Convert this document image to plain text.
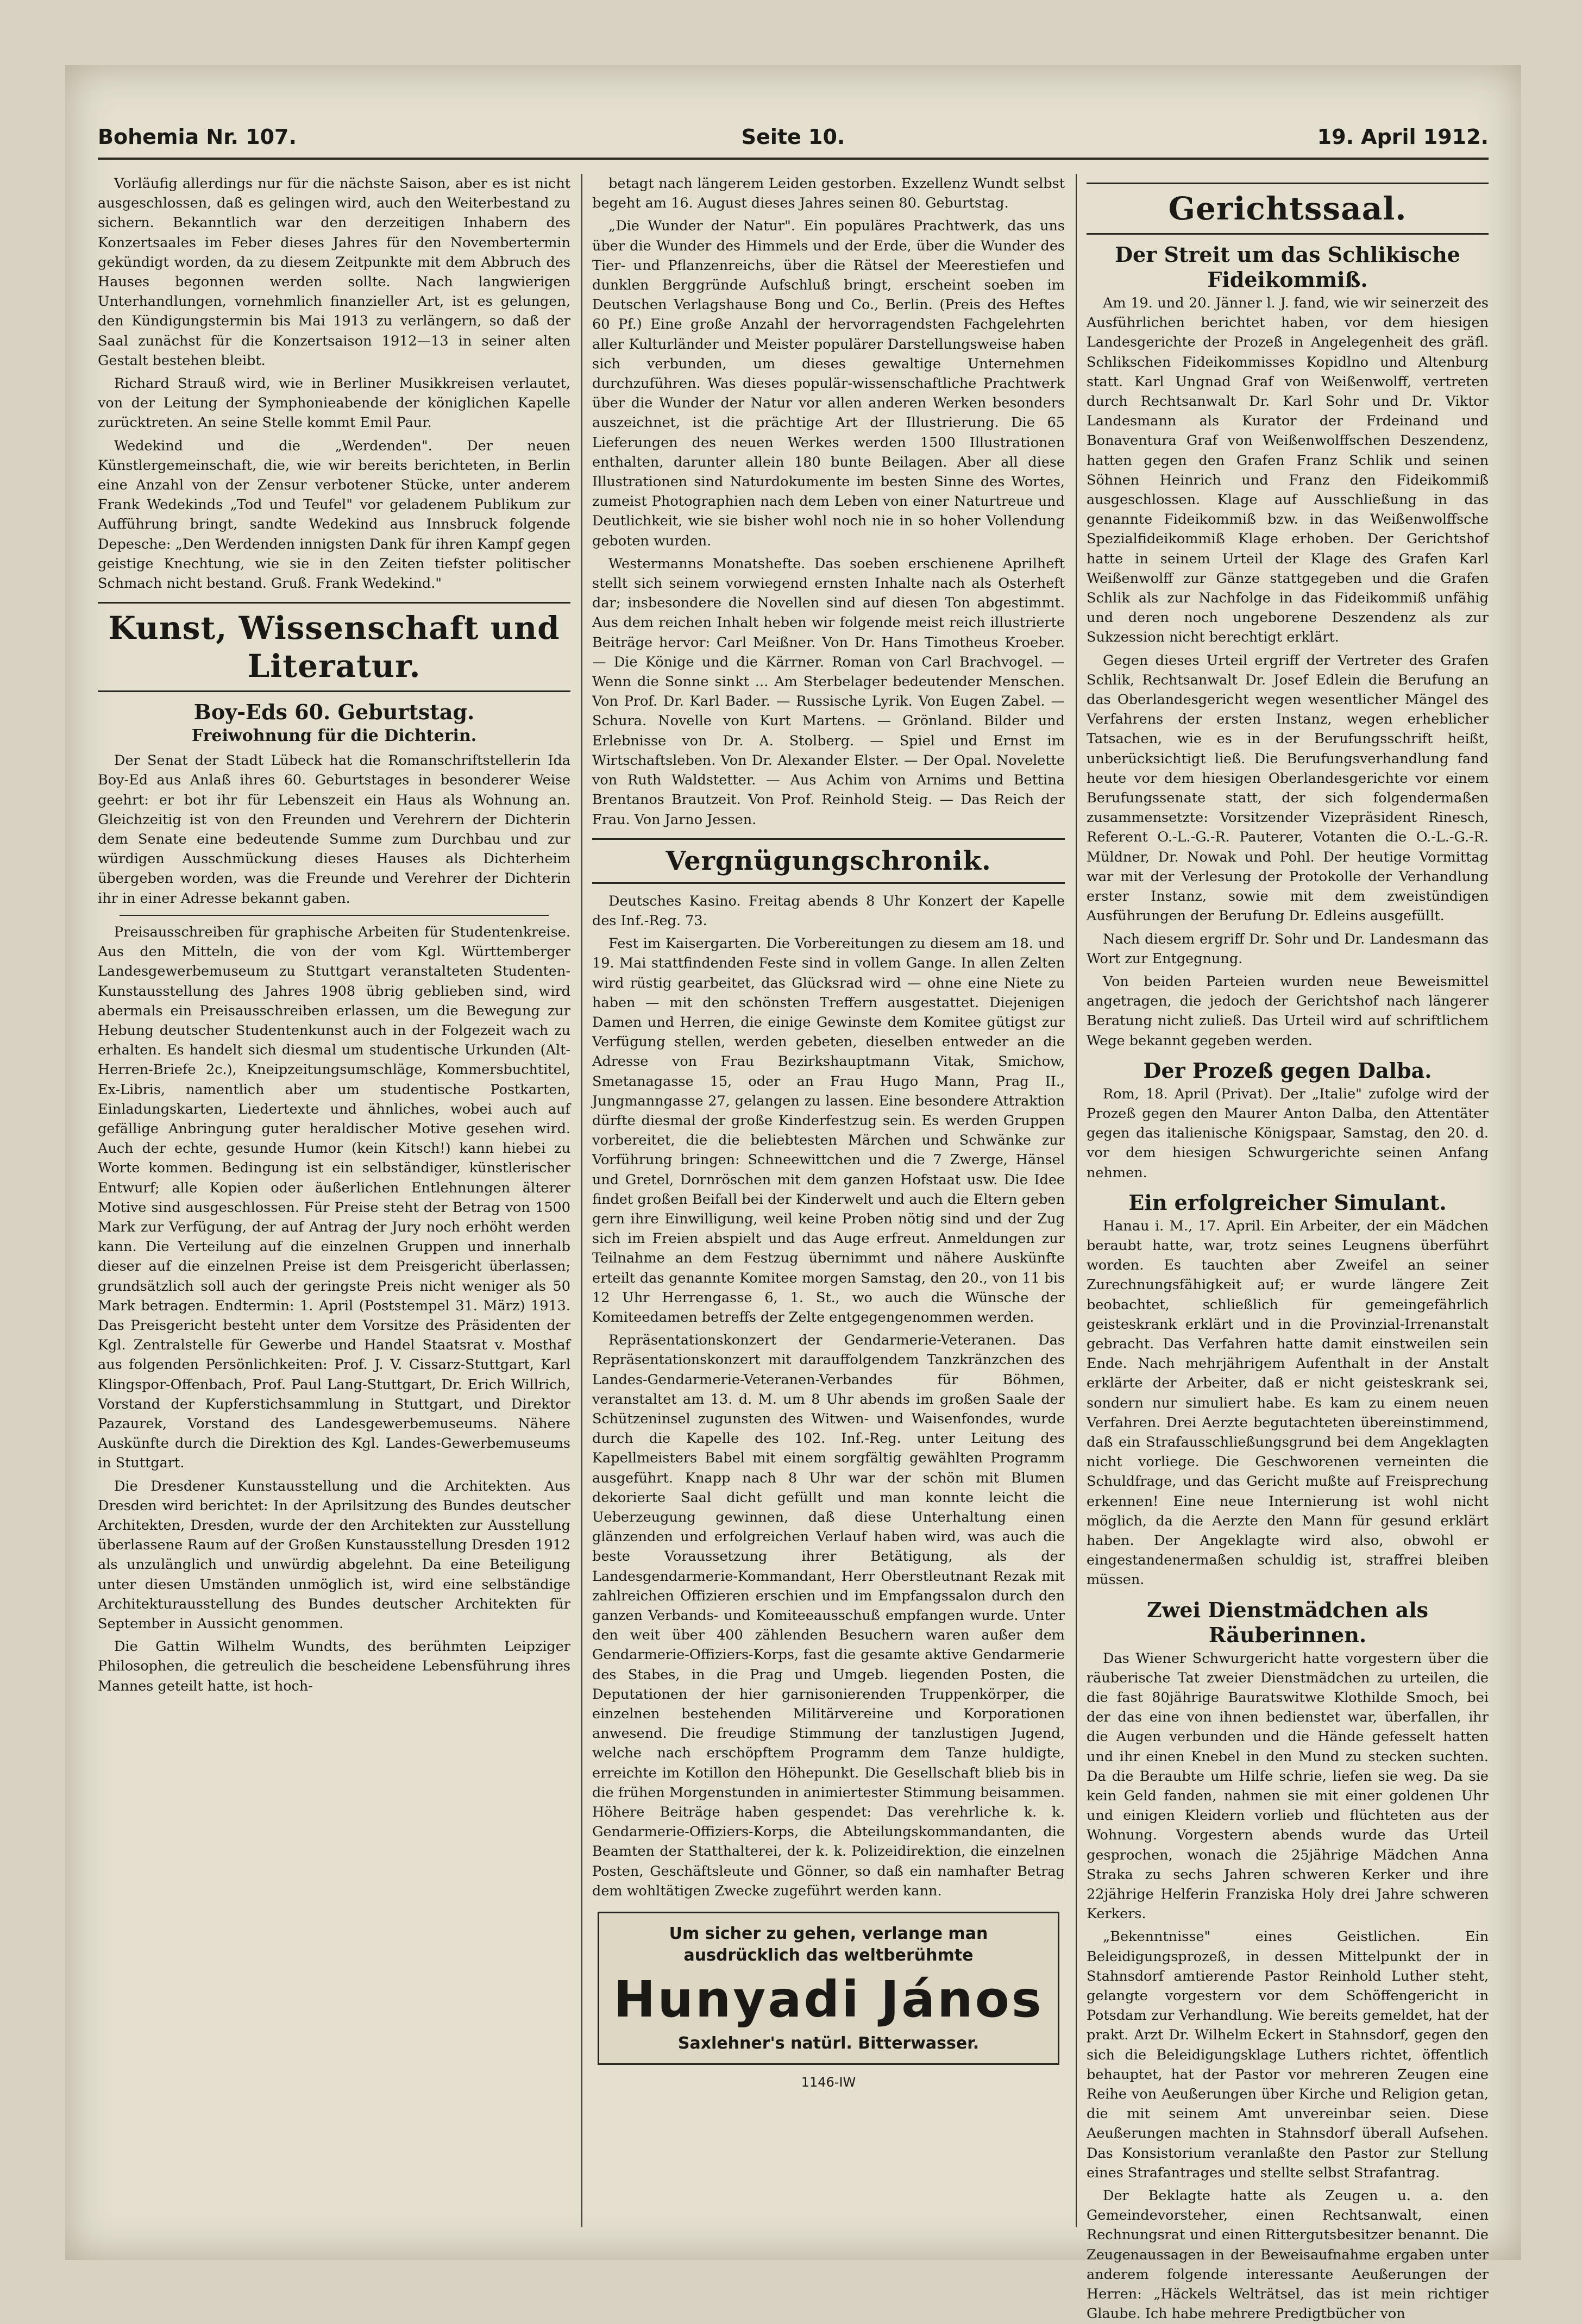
Bohemia Nr. 107.	Seite 10.	19. April 1912.

Vorläufig allerdings nur für die nächste Saison, aber es ist nicht ausgeschlossen, daß es gelingen wird, auch den Weiterbestand zu sichern. Bekanntlich war den derzeitigen Inhabern des Konzertsaales im Feber dieses Jahres für den Novembertermin gekündigt worden, da zu diesem Zeitpunkte mit dem Abbruch des Hauses begonnen werden sollte. Nach langwierigen Unterhandlungen, vornehmlich finanzieller Art, ist es gelungen, den Kündigungstermin bis Mai 1913 zu verlängern, so daß der Saal zunächst für die Konzertsaison 1912—13 in seiner alten Gestalt bestehen bleibt.

Richard Strauß wird, wie in Berliner Musikkreisen verlautet, von der Leitung der Symphonieabende der königlichen Kapelle zurücktreten. An seine Stelle kommt Emil Paur.

Wedekind und die „Werdenden". Der neuen Künstlergemeinschaft, die, wie wir bereits berichteten, in Berlin eine Anzahl von der Zensur verbotener Stücke, unter anderem Frank Wedekinds „Tod und Teufel" vor geladenem Publikum zur Aufführung bringt, sandte Wedekind aus Innsbruck folgende Depesche: „Den Werdenden innigsten Dank für ihren Kampf gegen geistige Knechtung, wie sie in den Zeiten tiefster politischer Schmach nicht bestand. Gruß. Frank Wedekind."

Kunst, Wissenschaft und Literatur.
Boy-Eds 60. Geburtstag.
Freiwohnung für die Dichterin.

Der Senat der Stadt Lübeck hat die Romanschriftstellerin Ida Boy-Ed aus Anlaß ihres 60. Geburtstages in besonderer Weise geehrt: er bot ihr für Lebenszeit ein Haus als Wohnung an. Gleichzeitig ist von den Freunden und Verehrern der Dichterin dem Senate eine bedeutende Summe zum Durchbau und zur würdigen Ausschmückung dieses Hauses als Dichterheim übergeben worden, was die Freunde und Verehrer der Dichterin ihr in einer Adresse bekannt gaben.

Preisausschreiben für graphische Arbeiten für Studentenkreise. Aus den Mitteln, die von der vom Kgl. Württemberger Landesgewerbemuseum zu Stuttgart veranstalteten Studenten-Kunstausstellung des Jahres 1908 übrig geblieben sind, wird abermals ein Preisausschreiben erlassen, um die Bewegung zur Hebung deutscher Studentenkunst auch in der Folgezeit wach zu erhalten. Es handelt sich diesmal um studentische Urkunden (Alt-Herren-Briefe 2c.), Kneipzeitungsumschläge, Kommersbuchtitel, Ex-Libris, namentlich aber um studentische Postkarten, Einladungskarten, Liedertexte und ähnliches, wobei auch auf gefällige Anbringung guter heraldischer Motive gesehen wird. Auch der echte, gesunde Humor (kein Kitsch!) kann hiebei zu Worte kommen. Bedingung ist ein selbständiger, künstlerischer Entwurf; alle Kopien oder äußerlichen Entlehnungen älterer Motive sind ausgeschlossen. Für Preise steht der Betrag von 1500 Mark zur Verfügung, der auf Antrag der Jury noch erhöht werden kann. Die Verteilung auf die einzelnen Gruppen und innerhalb dieser auf die einzelnen Preise ist dem Preisgericht überlassen; grundsätzlich soll auch der geringste Preis nicht weniger als 50 Mark betragen. Endtermin: 1. April (Poststempel 31. März) 1913. Das Preisgericht besteht unter dem Vorsitze des Präsidenten der Kgl. Zentralstelle für Gewerbe und Handel Staatsrat v. Mosthaf aus folgenden Persönlichkeiten: Prof. J. V. Cissarz-Stuttgart, Karl Klingspor-Offenbach, Prof. Paul Lang-Stuttgart, Dr. Erich Willrich, Vorstand der Kupferstichsammlung in Stuttgart, und Direktor Pazaurek, Vorstand des Landesgewerbemuseums. Nähere Auskünfte durch die Direktion des Kgl. Landes-Gewerbemuseums in Stuttgart.

Die Dresdener Kunstausstellung und die Architekten. Aus Dresden wird berichtet: In der Aprilsitzung des Bundes deutscher Architekten, Dresden, wurde der den Architekten zur Ausstellung überlassene Raum auf der Großen Kunstausstellung Dresden 1912 als unzulänglich und unwürdig abgelehnt. Da eine Beteiligung unter diesen Umständen unmöglich ist, wird eine selbständige Architekturausstellung des Bundes deutscher Architekten für September in Aussicht genommen.

Die Gattin Wilhelm Wundts, des berühmten Leipziger Philosophen, die getreulich die bescheidene Lebensführung ihres Mannes geteilt hatte, ist hoch-

betagt nach längerem Leiden gestorben. Exzellenz Wundt selbst begeht am 16. August dieses Jahres seinen 80. Geburtstag.

„Die Wunder der Natur". Ein populäres Prachtwerk, das uns über die Wunder des Himmels und der Erde, über die Wunder des Tier- und Pflanzenreichs, über die Rätsel der Meerestiefen und dunklen Berggründe Aufschluß bringt, erscheint soeben im Deutschen Verlagshause Bong und Co., Berlin. (Preis des Heftes 60 Pf.) Eine große Anzahl der hervorragendsten Fachgelehrten aller Kulturländer und Meister populärer Darstellungsweise haben sich verbunden, um dieses gewaltige Unternehmen durchzuführen. Was dieses populär-wissenschaftliche Prachtwerk über die Wunder der Natur vor allen anderen Werken besonders auszeichnet, ist die prächtige Art der Illustrierung. Die 65 Lieferungen des neuen Werkes werden 1500 Illustrationen enthalten, darunter allein 180 bunte Beilagen. Aber all diese Illustrationen sind Naturdokumente im besten Sinne des Wortes, zumeist Photographien nach dem Leben von einer Naturtreue und Deutlichkeit, wie sie bisher wohl noch nie in so hoher Vollendung geboten wurden.

Westermanns Monatshefte. Das soeben erschienene Aprilheft stellt sich seinem vorwiegend ernsten Inhalte nach als Osterheft dar; insbesondere die Novellen sind auf diesen Ton abgestimmt. Aus dem reichen Inhalt heben wir folgende meist reich illustrierte Beiträge hervor: Carl Meißner. Von Dr. Hans Timotheus Kroeber. — Die Könige und die Kärrner. Roman von Carl Brachvogel. — Wenn die Sonne sinkt ... Am Sterbelager bedeutender Menschen. Von Prof. Dr. Karl Bader. — Russische Lyrik. Von Eugen Zabel. — Schura. Novelle von Kurt Martens. — Grönland. Bilder und Erlebnisse von Dr. A. Stolberg. — Spiel und Ernst im Wirtschaftsleben. Von Dr. Alexander Elster. — Der Opal. Novelette von Ruth Waldstetter. — Aus Achim von Arnims und Bettina Brentanos Brautzeit. Von Prof. Reinhold Steig. — Das Reich der Frau. Von Jarno Jessen.

Vergnügungschronik.

Deutsches Kasino. Freitag abends 8 Uhr Konzert der Kapelle des Inf.-Reg. 73.

Fest im Kaisergarten. Die Vorbereitungen zu diesem am 18. und 19. Mai stattfindenden Feste sind in vollem Gange. In allen Zelten wird rüstig gearbeitet, das Glücksrad wird — ohne eine Niete zu haben — mit den schönsten Treffern ausgestattet. Diejenigen Damen und Herren, die einige Gewinste dem Komitee gütigst zur Verfügung stellen, werden gebeten, dieselben entweder an die Adresse von Frau Bezirkshauptmann Vitak, Smichow, Smetanagasse 15, oder an Frau Hugo Mann, Prag II., Jungmanngasse 27, gelangen zu lassen. Eine besondere Attraktion dürfte diesmal der große Kinderfestzug sein. Es werden Gruppen vorbereitet, die die beliebtesten Märchen und Schwänke zur Vorführung bringen: Schneewittchen und die 7 Zwerge, Hänsel und Gretel, Dornröschen mit dem ganzen Hofstaat usw. Die Idee findet großen Beifall bei der Kinderwelt und auch die Eltern geben gern ihre Einwilligung, weil keine Proben nötig sind und der Zug sich im Freien abspielt und das Auge erfreut. Anmeldungen zur Teilnahme an dem Festzug übernimmt und nähere Auskünfte erteilt das genannte Komitee morgen Samstag, den 20., von 11 bis 12 Uhr Herrengasse 6, 1. St., wo auch die Wünsche der Komiteedamen betreffs der Zelte entgegengenommen werden.

Repräsentationskonzert der Gendarmerie-Veteranen. Das Repräsentationskonzert mit darauffolgendem Tanzkränzchen des Landes-Gendarmerie-Veteranen-Verbandes für Böhmen, veranstaltet am 13. d. M. um 8 Uhr abends im großen Saale der Schützeninsel zugunsten des Witwen- und Waisenfondes, wurde durch die Kapelle des 102. Inf.-Reg. unter Leitung des Kapellmeisters Babel mit einem sorgfältig gewählten Programm ausgeführt. Knapp nach 8 Uhr war der schön mit Blumen dekorierte Saal dicht gefüllt und man konnte leicht die Ueberzeugung gewinnen, daß diese Unterhaltung einen glänzenden und erfolgreichen Verlauf haben wird, was auch die beste Voraussetzung ihrer Betätigung, als der Landesgendarmerie-Kommandant, Herr Oberstleutnant Rezak mit zahlreichen Offizieren erschien und im Empfangssalon durch den ganzen Verbands- und Komiteeausschuß empfangen wurde. Unter den weit über 400 zählenden Besuchern waren außer dem Gendarmerie-Offiziers-Korps, fast die gesamte aktive Gendarmerie des Stabes, in die Prag und Umgeb. liegenden Posten, die Deputationen der hier garnisonierenden Truppenkörper, die einzelnen bestehenden Militärvereine und Korporationen anwesend. Die freudige Stimmung der tanzlustigen Jugend, welche nach erschöpftem Programm dem Tanze huldigte, erreichte im Kotillon den Höhepunkt. Die Gesellschaft blieb bis in die frühen Morgenstunden in animiertester Stimmung beisammen. Höhere Beiträge haben gespendet: Das verehrliche k. k. Gendarmerie-Offiziers-Korps, die Abteilungskommandanten, die Beamten der Statthalterei, der k. k. Polizeidirektion, die einzelnen Posten, Geschäftsleute und Gönner, so daß ein namhafter Betrag dem wohltätigen Zwecke zugeführt werden kann.

Um sicher zu gehen, verlange man
ausdrücklich das weltberühmte
Hunyadi János
Saxlehner's natürl. Bitterwasser.
1146-IW
Gerichtssaal.
Der Streit um das Schlikische Fideikommiß.

Am 19. und 20. Jänner l. J. fand, wie wir seinerzeit des Ausführlichen berichtet haben, vor dem hiesigen Landesgerichte der Prozeß in Angelegenheit des gräfl. Schlikschen Fideikommisses Kopidlno und Altenburg statt. Karl Ungnad Graf von Weißenwolff, vertreten durch Rechtsanwalt Dr. Karl Sohr und Dr. Viktor Landesmann als Kurator der Frdeinand und Bonaventura Graf von Weißenwolffschen Deszendenz, hatten gegen den Grafen Franz Schlik und seinen Söhnen Heinrich und Franz den Fideikommiß ausgeschlossen. Klage auf Ausschließung in das genannte Fideikommiß bzw. in das Weißenwolffsche Spezialfideikommiß Klage erhoben. Der Gerichtshof hatte in seinem Urteil der Klage des Grafen Karl Weißenwolff zur Gänze stattgegeben und die Grafen Schlik als zur Nachfolge in das Fideikommiß unfähig und deren noch ungeborene Deszendenz als zur Sukzession nicht berechtigt erklärt.

Gegen dieses Urteil ergriff der Vertreter des Grafen Schlik, Rechtsanwalt Dr. Josef Edlein die Berufung an das Oberlandesgericht wegen wesentlicher Mängel des Verfahrens der ersten Instanz, wegen erheblicher Tatsachen, wie es in der Berufungsschrift heißt, unberücksichtigt ließ. Die Berufungsverhandlung fand heute vor dem hiesigen Oberlandesgerichte vor einem Berufungssenate statt, der sich folgendermaßen zusammensetzte: Vorsitzender Vizepräsident Rinesch, Referent O.-L.-G.-R. Pauterer, Votanten die O.-L.-G.-R. Müldner, Dr. Nowak und Pohl. Der heutige Vormittag war mit der Verlesung der Protokolle der Verhandlung erster Instanz, sowie mit dem zweistündigen Ausführungen der Berufung Dr. Edleins ausgefüllt.

Nach diesem ergriff Dr. Sohr und Dr. Landesmann das Wort zur Entgegnung.

Von beiden Parteien wurden neue Beweismittel angetragen, die jedoch der Gerichtshof nach längerer Beratung nicht zuließ. Das Urteil wird auf schriftlichem Wege bekannt gegeben werden.

Der Prozeß gegen Dalba.

Rom, 18. April (Privat). Der „Italie" zufolge wird der Prozeß gegen den Maurer Anton Dalba, den Attentäter gegen das italienische Königspaar, Samstag, den 20. d. vor dem hiesigen Schwurgerichte seinen Anfang nehmen.

Ein erfolgreicher Simulant.

Hanau i. M., 17. April. Ein Arbeiter, der ein Mädchen beraubt hatte, war, trotz seines Leugnens überführt worden. Es tauchten aber Zweifel an seiner Zurechnungsfähigkeit auf; er wurde längere Zeit beobachtet, schließlich für gemeingefährlich geisteskrank erklärt und in die Provinzial-Irrenanstalt gebracht. Das Verfahren hatte damit einstweilen sein Ende. Nach mehrjährigem Aufenthalt in der Anstalt erklärte der Arbeiter, daß er nicht geisteskrank sei, sondern nur simuliert habe. Es kam zu einem neuen Verfahren. Drei Aerzte begutachteten übereinstimmend, daß ein Strafausschließungsgrund bei dem Angeklagten nicht vorliege. Die Geschworenen verneinten die Schuldfrage, und das Gericht mußte auf Freisprechung erkennen! Eine neue Internierung ist wohl nicht möglich, da die Aerzte den Mann für gesund erklärt haben. Der Angeklagte wird also, obwohl er eingestandenermaßen schuldig ist, straffrei bleiben müssen.

Zwei Dienstmädchen als Räuberinnen.

Das Wiener Schwurgericht hatte vorgestern über die räuberische Tat zweier Dienstmädchen zu urteilen, die die fast 80jährige Bauratswitwe Klothilde Smoch, bei der das eine von ihnen bedienstet war, überfallen, ihr die Augen verbunden und die Hände gefesselt hatten und ihr einen Knebel in den Mund zu stecken suchten. Da die Beraubte um Hilfe schrie, liefen sie weg. Da sie kein Geld fanden, nahmen sie mit einer goldenen Uhr und einigen Kleidern vorlieb und flüchteten aus der Wohnung. Vorgestern abends wurde das Urteil gesprochen, wonach die 25jährige Mädchen Anna Straka zu sechs Jahren schweren Kerker und ihre 22jährige Helferin Franziska Holy drei Jahre schweren Kerkers.

„Bekenntnisse" eines Geistlichen. Ein Beleidigungsprozeß, in dessen Mittelpunkt der in Stahnsdorf amtierende Pastor Reinhold Luther steht, gelangte vorgestern vor dem Schöffengericht in Potsdam zur Verhandlung. Wie bereits gemeldet, hat der prakt. Arzt Dr. Wilhelm Eckert in Stahnsdorf, gegen den sich die Beleidigungsklage Luthers richtet, öffentlich behauptet, hat der Pastor vor mehreren Zeugen eine Reihe von Aeußerungen über Kirche und Religion getan, die mit seinem Amt unvereinbar seien. Diese Aeußerungen machten in Stahnsdorf überall Aufsehen. Das Konsistorium veranlaßte den Pastor zur Stellung eines Strafantrages und stellte selbst Strafantrag.

Der Beklagte hatte als Zeugen u. a. den Gemeindevorsteher, einen Rechtsanwalt, einen Rechnungsrat und einen Rittergutsbesitzer benannt. Die Zeugenaussagen in der Beweisaufnahme ergaben unter anderem folgende interessante Aeußerungen der Herren: „Häckels Welträtsel, das ist mein richtiger Glaube. Ich habe mehrere Predigtbücher von
